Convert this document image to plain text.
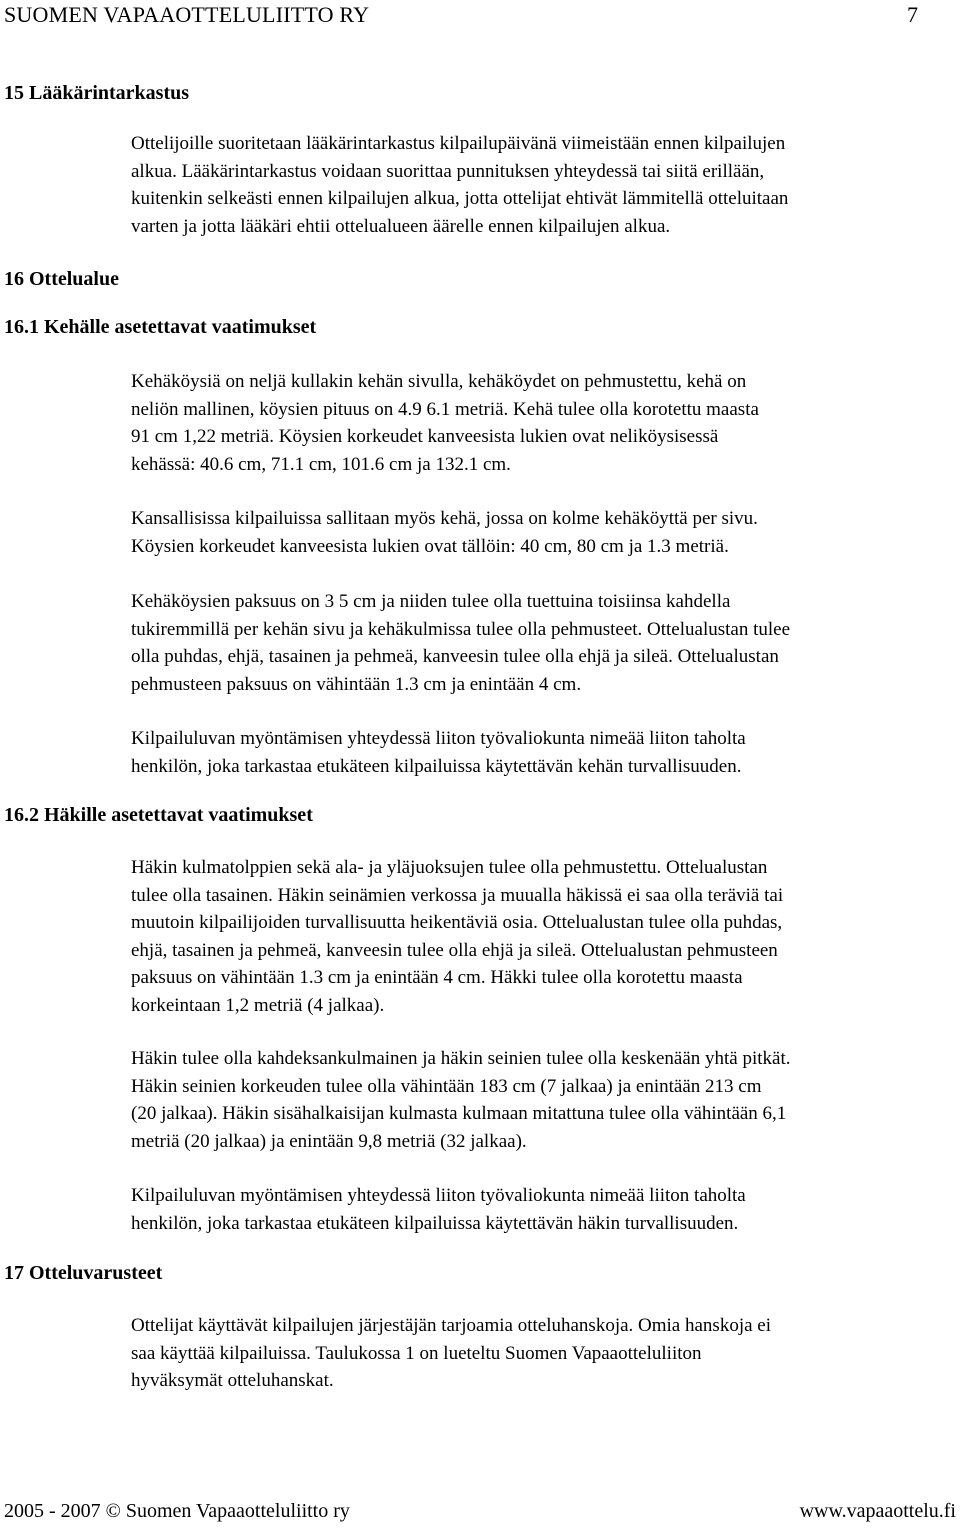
SUOMEN VAPAAOTTELULIITTO RY	7
15 Lääkärintarkastus
Ottelijoille suoritetaan lääkärintarkastus kilpailupäivänä viimeistään ennen kilpailujen
alkua. Lääkärintarkastus voidaan suorittaa punnituksen yhteydessä tai siitä erillään,
kuitenkin selkeästi ennen kilpailujen alkua, jotta ottelijat ehtivät lämmitellä otteluitaan
varten ja jotta lääkäri ehtii ottelualueen äärelle ennen kilpailujen alkua.
16 Ottelualue
16.1 Kehälle asetettavat vaatimukset
Kehäköysiä on neljä kullakin kehän sivulla, kehäköydet on pehmustettu, kehä on
neliön mallinen, köysien pituus on 4.9 6.1 metriä. Kehä tulee olla korotettu maasta
91 cm 1,22 metriä. Köysien korkeudet kanveesista lukien ovat neliköysisessä
kehässä: 40.6 cm, 71.1 cm, 101.6 cm ja 132.1 cm.
Kansallisissa kilpailuissa sallitaan myös kehä, jossa on kolme kehäköyttä per sivu.
Köysien korkeudet kanveesista lukien ovat tällöin: 40 cm, 80 cm ja 1.3 metriä.
Kehäköysien paksuus on 3 5 cm ja niiden tulee olla tuettuina toisiinsa kahdella
tukiremmillä per kehän sivu ja kehäkulmissa tulee olla pehmusteet. Ottelualustan tulee
olla puhdas, ehjä, tasainen ja pehmeä, kanveesin tulee olla ehjä ja sileä. Ottelualustan
pehmusteen paksuus on vähintään 1.3 cm ja enintään 4 cm.
Kilpailuluvan myöntämisen yhteydessä liiton työvaliokunta nimeää liiton taholta
henkilön, joka tarkastaa etukäteen kilpailuissa käytettävän kehän turvallisuuden.
16.2 Häkille asetettavat vaatimukset
Häkin kulmatolppien sekä ala- ja yläjuoksujen tulee olla pehmustettu. Ottelualustan
tulee olla tasainen. Häkin seinämien verkossa ja muualla häkissä ei saa olla teräviä tai
muutoin kilpailijoiden turvallisuutta heikentäviä osia. Ottelualustan tulee olla puhdas,
ehjä, tasainen ja pehmeä, kanveesin tulee olla ehjä ja sileä. Ottelualustan pehmusteen
paksuus on vähintään 1.3 cm ja enintään 4 cm. Häkki tulee olla korotettu maasta
korkeintaan 1,2 metriä (4 jalkaa).
Häkin tulee olla kahdeksankulmainen ja häkin seinien tulee olla keskenään yhtä pitkät.
Häkin seinien korkeuden tulee olla vähintään 183 cm (7 jalkaa) ja enintään 213 cm
(20 jalkaa). Häkin sisähalkaisijan kulmasta kulmaan mitattuna tulee olla vähintään 6,1
metriä (20 jalkaa) ja enintään 9,8 metriä (32 jalkaa).
Kilpailuluvan myöntämisen yhteydessä liiton työvaliokunta nimeää liiton taholta
henkilön, joka tarkastaa etukäteen kilpailuissa käytettävän häkin turvallisuuden.
17 Otteluvarusteet
Ottelijat käyttävät kilpailujen järjestäjän tarjoamia otteluhanskoja. Omia hanskoja ei
saa käyttää kilpailuissa. Taulukossa 1 on lueteltu Suomen Vapaaotteluliiton
hyväksymät otteluhanskat.
2005 - 2007 © Suomen Vapaaotteluliitto ry	www.vapaaottelu.fi
